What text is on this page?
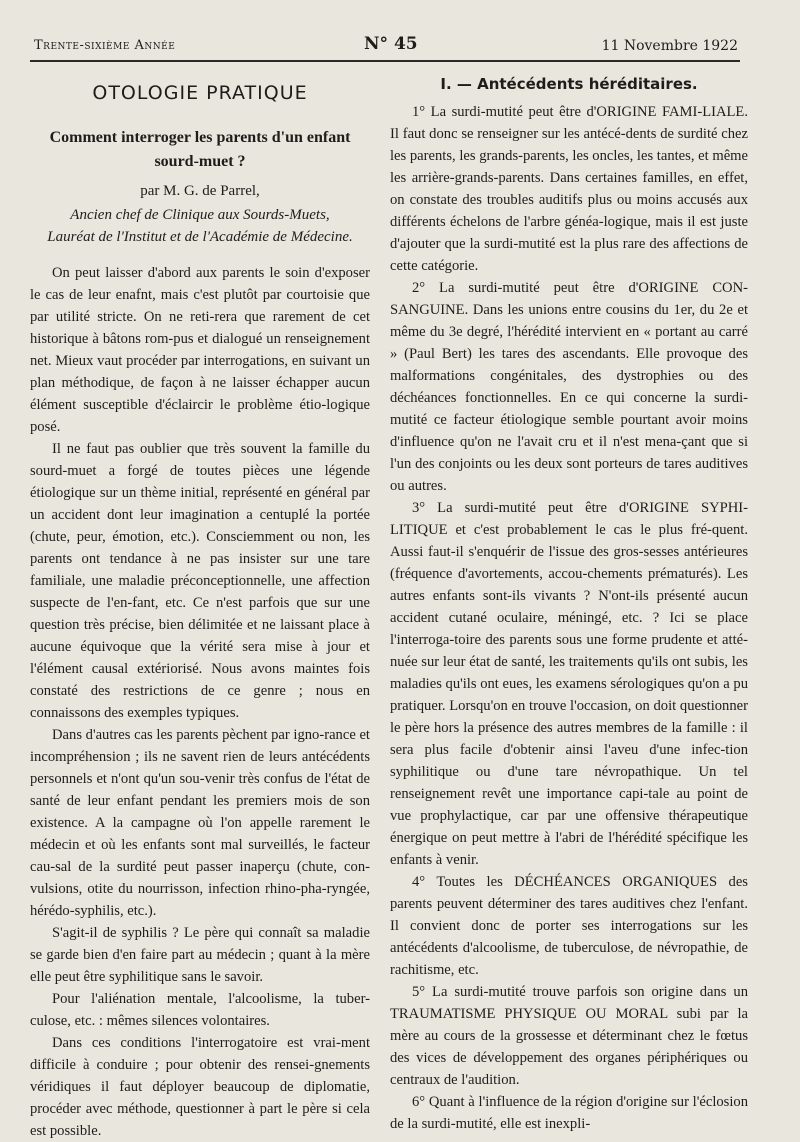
Trente-sixième Année	N° 45	11 Novembre 1922
OTOLOGIE PRATIQUE
Comment interroger les parents d'un enfant sourd-muet ?
par M. G. de Parrel,
Ancien chef de Clinique aux Sourds-Muets,
Lauréat de l'Institut et de l'Académie de Médecine.

On peut laisser d'abord aux parents le soin d'exposer le cas de leur enafnt, mais c'est plutôt par courtoisie que par utilité stricte. On ne reti-rera que rarement de cet historique à bâtons rom-pus et dialogué un renseignement net. Mieux vaut procéder par interrogations, en suivant un plan méthodique, de façon à ne laisser échapper aucun élément susceptible d'éclaircir le problème étio-logique posé.

Il ne faut pas oublier que très souvent la famille du sourd-muet a forgé de toutes pièces une légende étiologique sur un thème initial, représenté en général par un accident dont leur imagination a centuplé la portée (chute, peur, émotion, etc.). Consciemment ou non, les parents ont tendance à ne pas insister sur une tare familiale, une maladie préconceptionnelle, une affection suspecte de l'en-fant, etc. Ce n'est parfois que sur une question très précise, bien délimitée et ne laissant place à aucune équivoque que la vérité sera mise à jour et l'élément causal extériorisé. Nous avons maintes fois constaté des restrictions de ce genre ; nous en connaissons des exemples typiques.

Dans d'autres cas les parents pèchent par igno-rance et incompréhension ; ils ne savent rien de leurs antécédents personnels et n'ont qu'un sou-venir très confus de l'état de santé de leur enfant pendant les premiers mois de son existence. A la campagne où l'on appelle rarement le médecin et où les enfants sont mal surveillés, le facteur cau-sal de la surdité peut passer inaperçu (chute, con-vulsions, otite du nourrisson, infection rhino-pha-ryngée, hérédo-syphilis, etc.).

S'agit-il de syphilis ? Le père qui connaît sa maladie se garde bien d'en faire part au médecin ; quant à la mère elle peut être syphilitique sans le savoir.

Pour l'aliénation mentale, l'alcoolisme, la tuber-culose, etc. : mêmes silences volontaires.

Dans ces conditions l'interrogatoire est vrai-ment difficile à conduire ; pour obtenir des rensei-gnements véridiques il faut déployer beaucoup de diplomatie, procéder avec méthode, questionner à part le père si cela est possible.

I. — Antécédents héréditaires.

1° La surdi-mutité peut être d'ORIGINE FAMI-LIALE. Il faut donc se renseigner sur les antécé-dents de surdité chez les parents, les grands-parents, les oncles, les tantes, et même les arrière-grands-parents. Dans certaines familles, en effet, on constate des troubles auditifs plus ou moins accusés aux différents échelons de l'arbre généa-logique, mais il est juste d'ajouter que la surdi-mutité est la plus rare des affections de cette catégorie.

2° La surdi-mutité peut être d'ORIGINE CON-SANGUINE. Dans les unions entre cousins du 1er, du 2e et même du 3e degré, l'hérédité intervient en « portant au carré » (Paul Bert) les tares des ascendants. Elle provoque des malformations congénitales, des dystrophies ou des déchéances fonctionnelles. En ce qui concerne la surdi-mutité ce facteur étiologique semble pourtant avoir moins d'influence qu'on ne l'avait cru et il n'est mena-çant que si l'un des conjoints ou les deux sont porteurs de tares auditives ou autres.

3° La surdi-mutité peut être d'ORIGINE SYPHI-LITIQUE et c'est probablement le cas le plus fré-quent. Aussi faut-il s'enquérir de l'issue des gros-sesses antérieures (fréquence d'avortements, accou-chements prématurés). Les autres enfants sont-ils vivants ? N'ont-ils présenté aucun accident cutané oculaire, méningé, etc. ? Ici se place l'interroga-toire des parents sous une forme prudente et atté-nuée sur leur état de santé, les traitements qu'ils ont subis, les maladies qu'ils ont eues, les examens sérologiques qu'on a pu pratiquer. Lorsqu'on en trouve l'occasion, on doit questionner le père hors la présence des autres membres de la famille : il sera plus facile d'obtenir ainsi l'aveu d'une infec-tion syphilitique ou d'une tare névropathique. Un tel renseignement revêt une importance capi-tale au point de vue prophylactique, car par une offensive thérapeutique énergique on peut mettre à l'abri de l'hérédité spécifique les enfants à venir.

4° Toutes les DÉCHÉANCES ORGANIQUES des parents peuvent déterminer des tares auditives chez l'enfant. Il convient donc de porter ses interrogations sur les antécédents d'alcoolisme, de tuberculose, de névropathie, de rachitisme, etc.

5° La surdi-mutité trouve parfois son origine dans un TRAUMATISME PHYSIQUE OU MORAL subi par la mère au cours de la grossesse et déterminant chez le fœtus des vices de développement des organes périphériques ou centraux de l'audition.

6° Quant à l'influence de la région d'origine sur l'éclosion de la surdi-mutité, elle est inexpli-
